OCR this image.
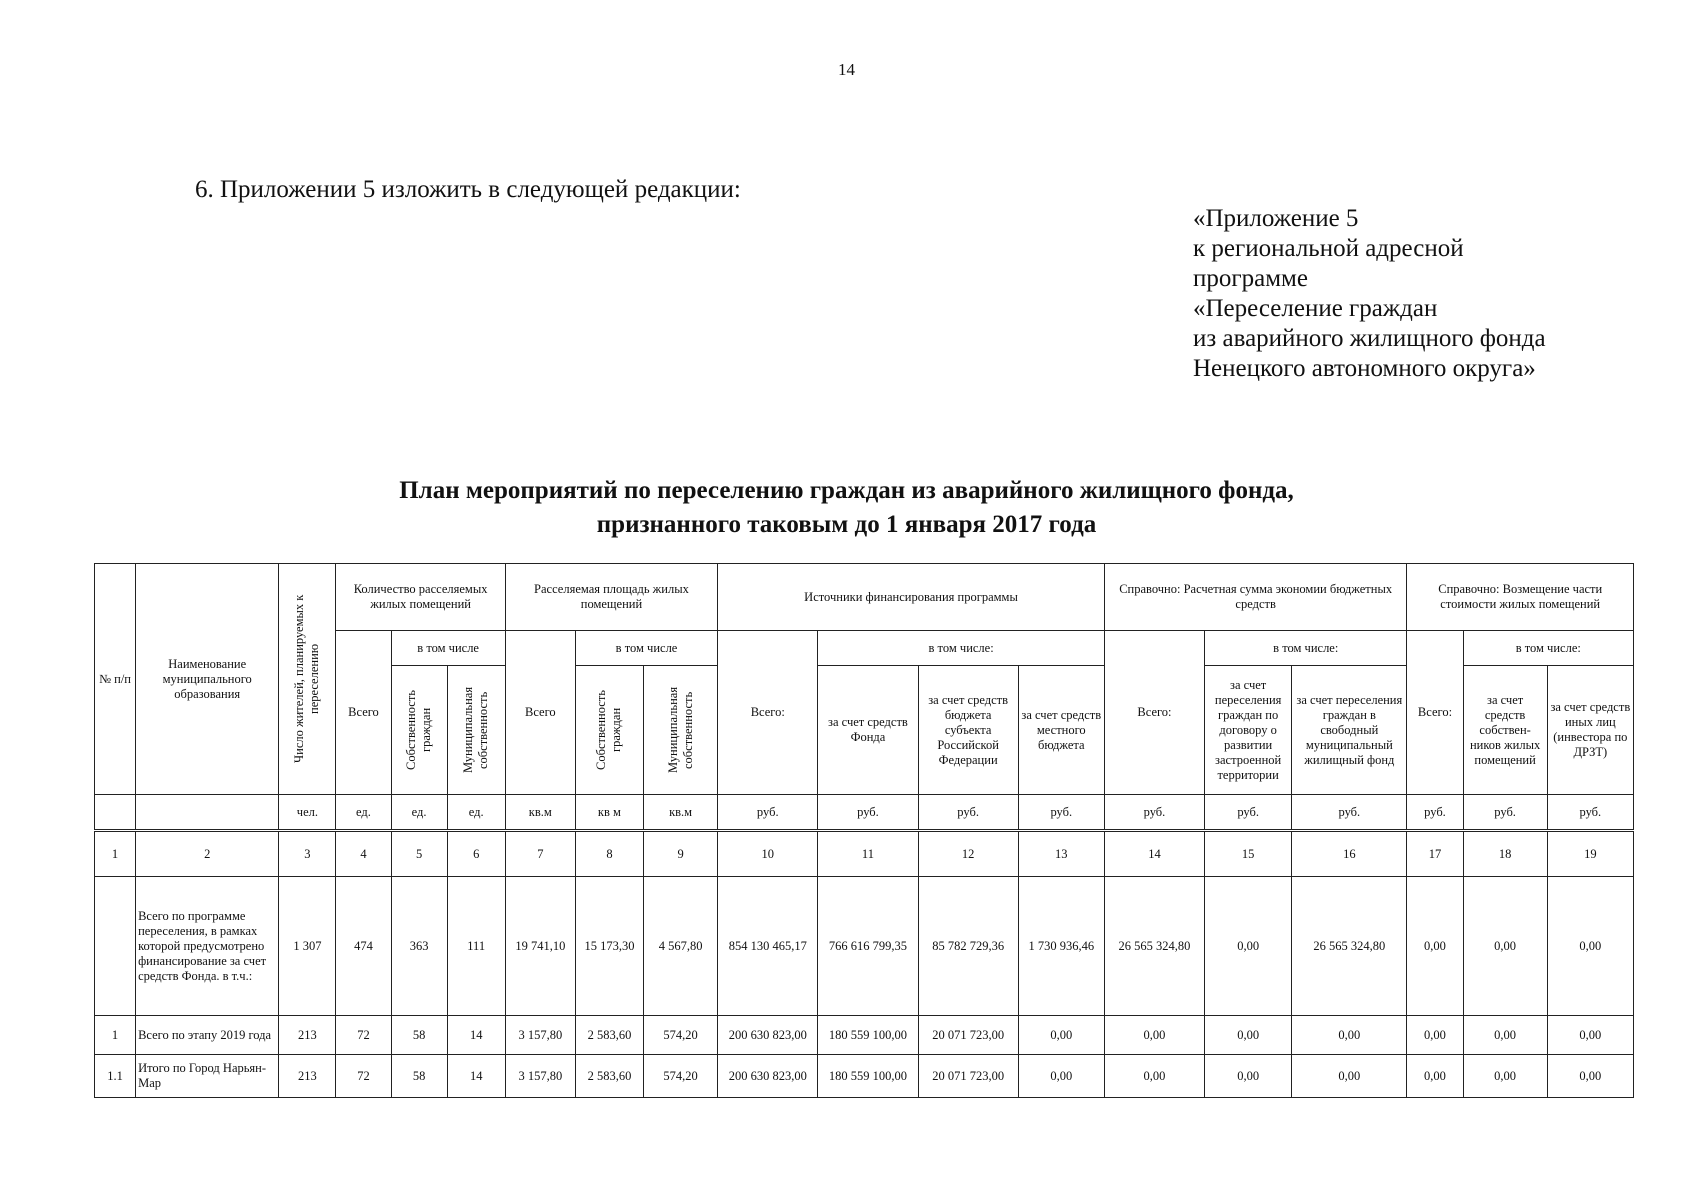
14
6. Приложении 5 изложить в следующей редакции:
«Приложение 5
к региональной адресной
программе
«Переселение граждан
из аварийного жилищного фонда
Ненецкого автономного округа»
План мероприятий по переселению граждан из аварийного жилищного фонда,
признанного таковым до 1 января 2017 года
№ п/п	Наименование муниципального образования	Число жителей, планируемых к переселению	Количество расселяемых жилых помещений			Расселяемая площадь жилых помещений			Источники финансирования программы				Справочно: Расчетная сумма экономии бюджетных средств			Справочно: Возмещение части стоимости жилых помещений		
			Всего	в том числе		Всего	в том числе		Всего:	в том числе:			Всего:	в том числе:		Всего:	в том числе:	

				Собственность граждан	Муниципальная собственность		Собственность граждан	Муниципальная собственность		за счет средств Фонда	за счет средств бюджета субъекта Российской Федерации	за счет средств местного бюджета		за счет переселения граждан по договору о развитии застроенной территории	за счет переселения граждан в свободный муниципальный жилищный фонд		за счет средств собствен- ников жилых помещений	за счет средств иных лиц (инвестора по ДРЗТ)
		чел.	ед.	ед.	ед.	кв.м	кв м	кв.м	руб.	руб.	руб.	руб.	руб.	руб.	руб.	руб.	руб.	руб.
1	2	3	4	5	6	7	8	9	10	11	12	13	14	15	16	17	18	19
	Всего по программе переселения, в рамках которой предусмотрено финансирование за счет средств Фонда. в т.ч.:	1 307	474	363	111	19 741,10	15 173,30	4 567,80	854 130 465,17	766 616 799,35	85 782 729,36	1 730 936,46	26 565 324,80	0,00	26 565 324,80	0,00	0,00	0,00
1	Всего по этапу 2019 года	213	72	58	14	3 157,80	2 583,60	574,20	200 630 823,00	180 559 100,00	20 071 723,00	0,00	0,00	0,00	0,00	0,00	0,00	0,00
1.1	Итого по Город Нарьян-Мар	213	72	58	14	3 157,80	2 583,60	574,20	200 630 823,00	180 559 100,00	20 071 723,00	0,00	0,00	0,00	0,00	0,00	0,00	0,00
